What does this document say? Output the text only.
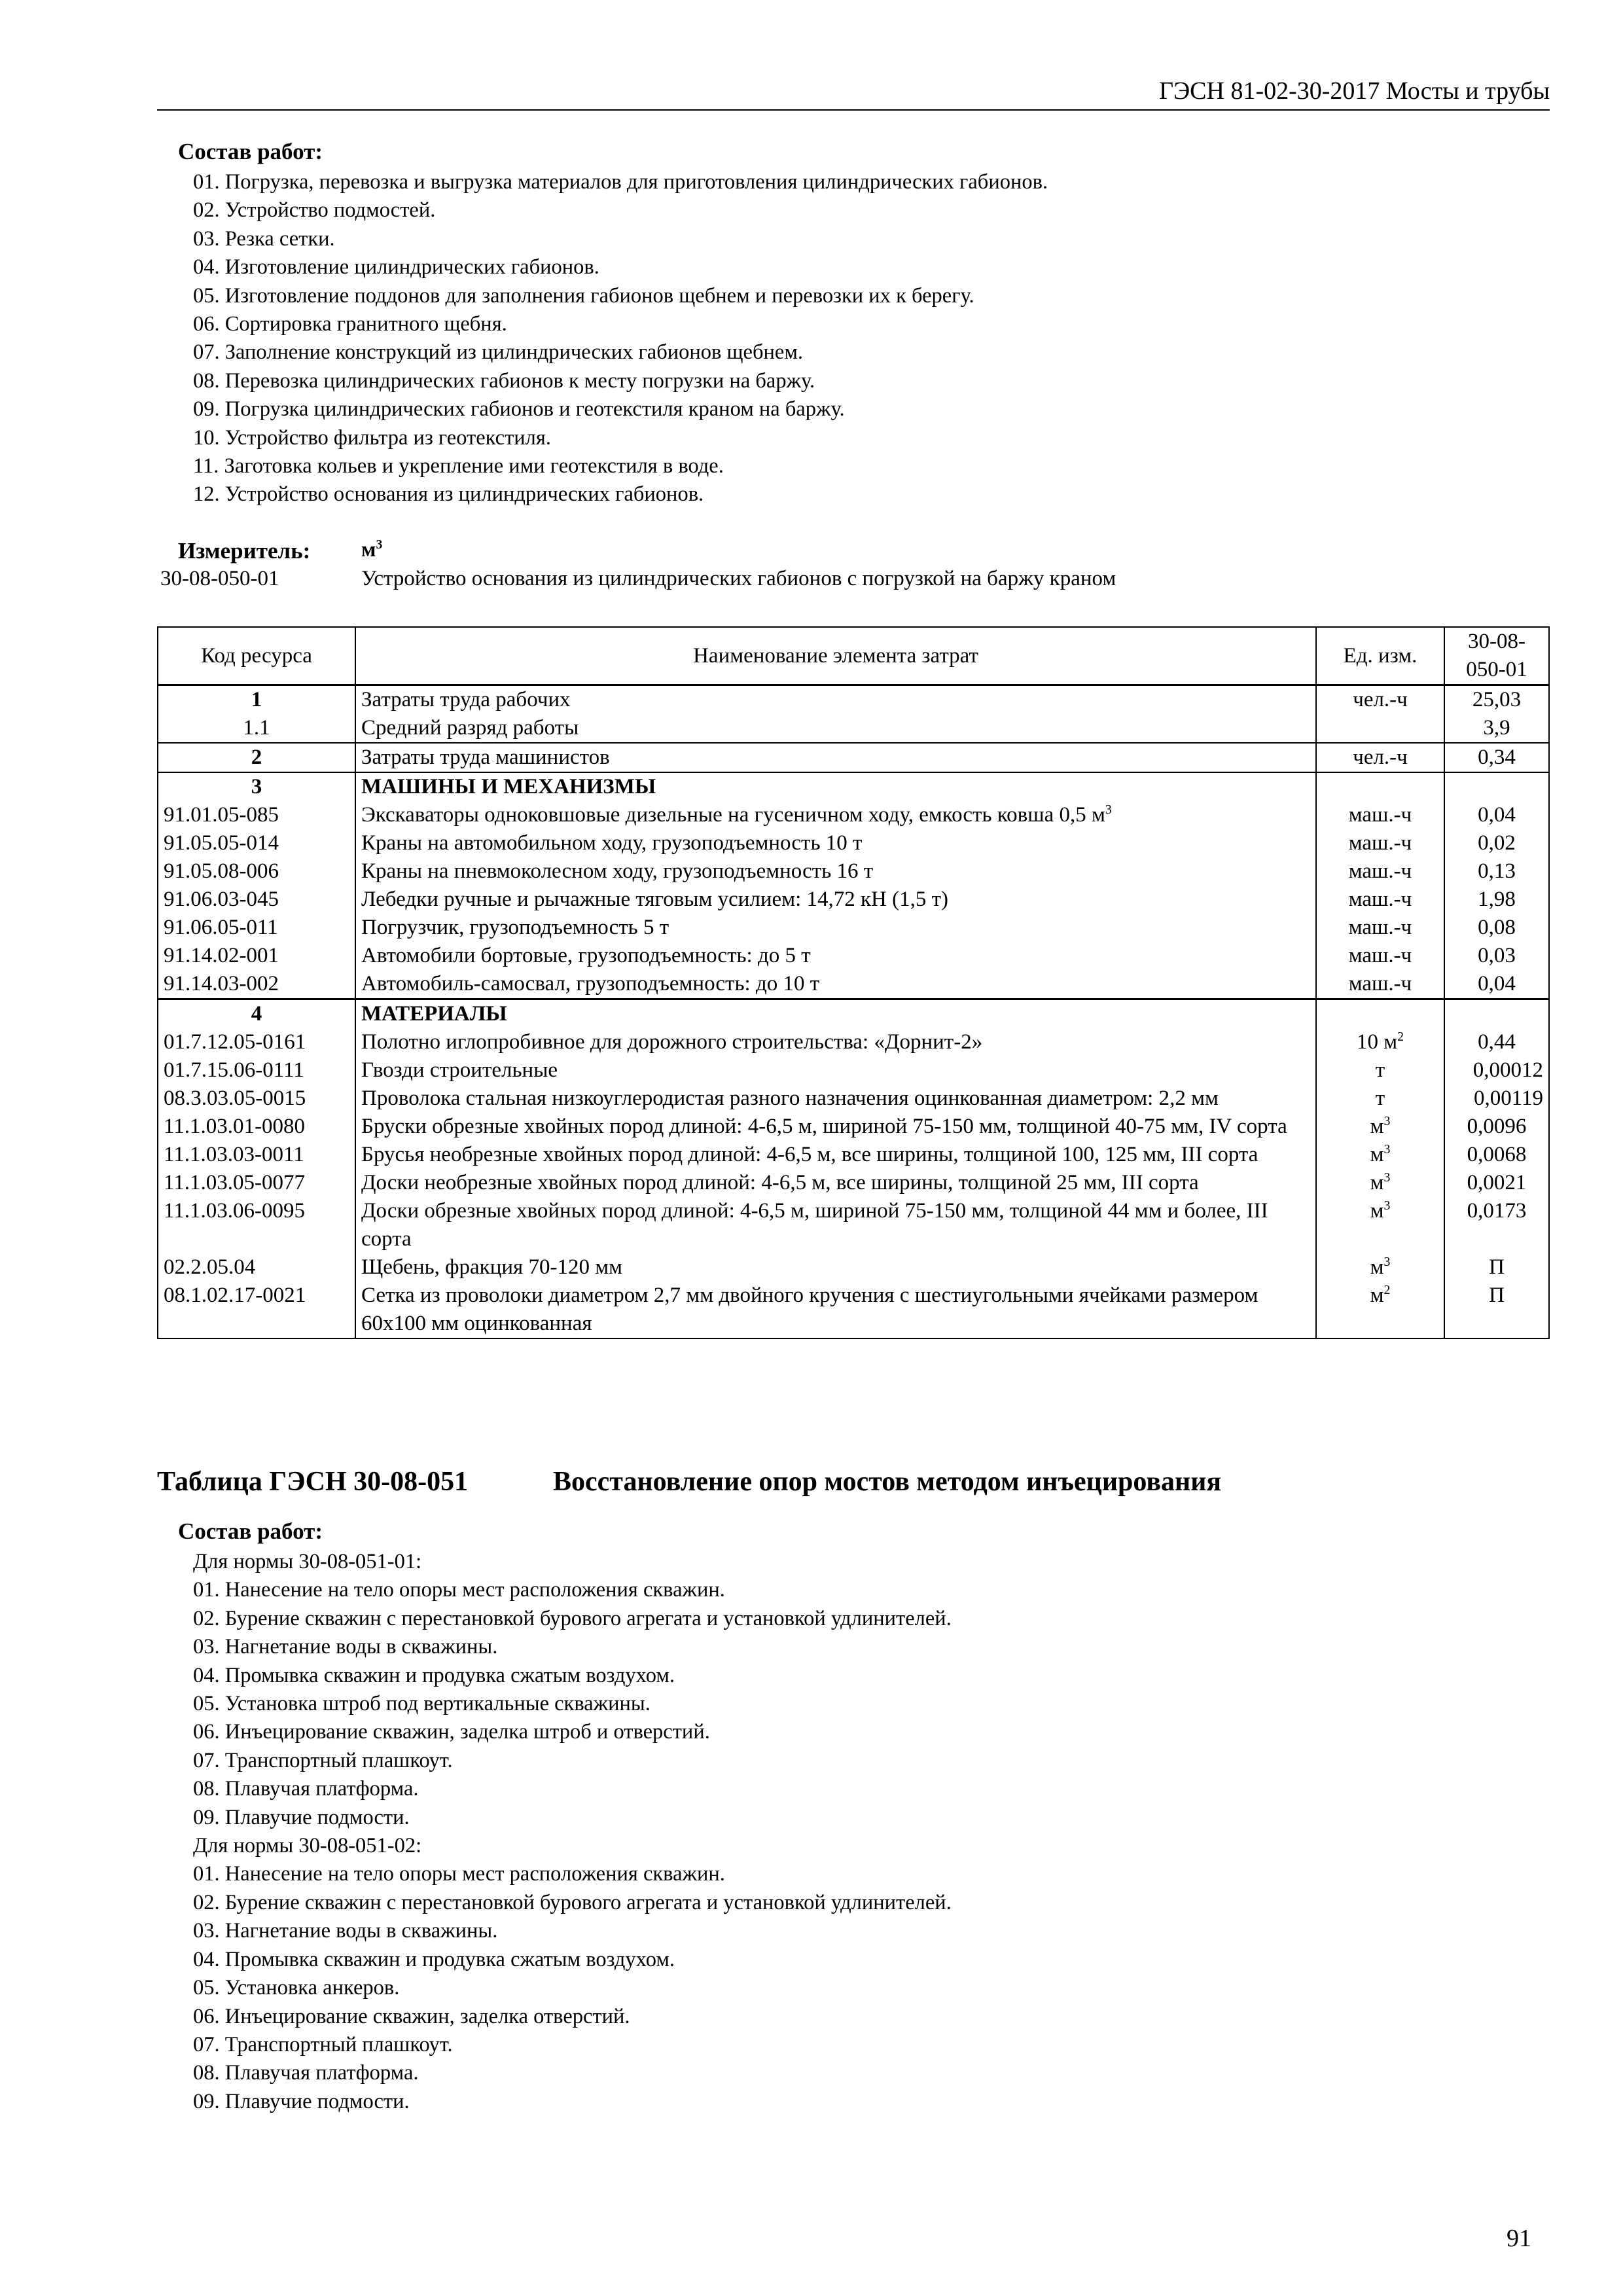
ГЭСН 81-02-30-2017 Мосты и трубы
Состав работ:
01. Погрузка, перевозка и выгрузка материалов для приготовления цилиндрических габионов.
02. Устройство подмостей.
03. Резка сетки.
04. Изготовление цилиндрических габионов.
05. Изготовление поддонов для заполнения габионов щебнем и перевозки их к берегу.
06. Сортировка гранитного щебня.
07. Заполнение конструкций из цилиндрических габионов щебнем.
08. Перевозка цилиндрических габионов к месту погрузки на баржу.
09. Погрузка цилиндрических габионов и геотекстиля краном на баржу.
10. Устройство фильтра из геотекстиля.
11. Заготовка кольев и укрепление ими геотекстиля в воде.
12. Устройство основания из цилиндрических габионов.
Измеритель: $м^3$
30-08-050-01	Устройство основания из цилиндрических габионов с погрузкой на баржу краном
Код ресурса	Наименование элемента затрат	Ед. изм.	30-08-
050-01
1	Затраты труда рабочих	чел.-ч	25,03
1.1	Средний разряд работы		3,9
2	Затраты труда машинистов	чел.-ч	0,34
3	МАШИНЫ И МЕХАНИЗМЫ		
91.01.05-085	Экскаваторы одноковшовые дизельные на гусеничном ходу, емкость ковша 0,5 $м^3$	маш.-ч	0,04
91.05.05-014	Краны на автомобильном ходу, грузоподъемность 10 т	маш.-ч	0,02
91.05.08-006	Краны на пневмоколесном ходу, грузоподъемность 16 т	маш.-ч	0,13
91.06.03-045	Лебедки ручные и рычажные тяговым усилием: 14,72 кН (1,5 т)	маш.-ч	1,98
91.06.05-011	Погрузчик, грузоподъемность 5 т	маш.-ч	0,08
91.14.02-001	Автомобили бортовые, грузоподъемность: до 5 т	маш.-ч	0,03
91.14.03-002	Автомобиль-самосвал, грузоподъемность: до 10 т	маш.-ч	0,04
4	МАТЕРИАЛЫ		
01.7.12.05-0161	Полотно иглопробивное для дорожного строительства: «Дорнит-2»	10 $м^2$	0,44
01.7.15.06-0111	Гвозди строительные	т	0,00012
08.3.03.05-0015	Проволока стальная низкоуглеродистая разного назначения оцинкованная диаметром: 2,2 мм	т	0,00119
11.1.03.01-0080	Бруски обрезные хвойных пород длиной: 4-6,5 м, шириной 75-150 мм, толщиной 40-75 мм, IV сорта	$м^3$	0,0096
11.1.03.03-0011	Брусья необрезные хвойных пород длиной: 4-6,5 м, все ширины, толщиной 100, 125 мм, III сорта	$м^3$	0,0068
11.1.03.05-0077	Доски необрезные хвойных пород длиной: 4-6,5 м, все ширины, толщиной 25 мм, III сорта	$м^3$	0,0021
11.1.03.06-0095	Доски обрезные хвойных пород длиной: 4-6,5 м, шириной 75-150 мм, толщиной 44 мм и более, III сорта	$м^3$	0,0173
02.2.05.04	Щебень, фракция 70-120 мм	$м^3$	П
08.1.02.17-0021	Сетка из проволоки диаметром 2,7 мм двойного кручения с шестиугольными ячейками размером 60х100 мм оцинкованная	$м^2$	П
Таблица ГЭСН 30-08-051	Восстановление опор мостов методом инъецирования
Состав работ:
Для нормы 30-08-051-01:
01. Нанесение на тело опоры мест расположения скважин.
02. Бурение скважин с перестановкой бурового агрегата и установкой удлинителей.
03. Нагнетание воды в скважины.
04. Промывка скважин и продувка сжатым воздухом.
05. Установка штроб под вертикальные скважины.
06. Инъецирование скважин, заделка штроб и отверстий.
07. Транспортный плашкоут.
08. Плавучая платформа.
09. Плавучие подмости.
Для нормы 30-08-051-02:
01. Нанесение на тело опоры мест расположения скважин.
02. Бурение скважин с перестановкой бурового агрегата и установкой удлинителей.
03. Нагнетание воды в скважины.
04. Промывка скважин и продувка сжатым воздухом.
05. Установка анкеров.
06. Инъецирование скважин, заделка отверстий.
07. Транспортный плашкоут.
08. Плавучая платформа.
09. Плавучие подмости.
91
